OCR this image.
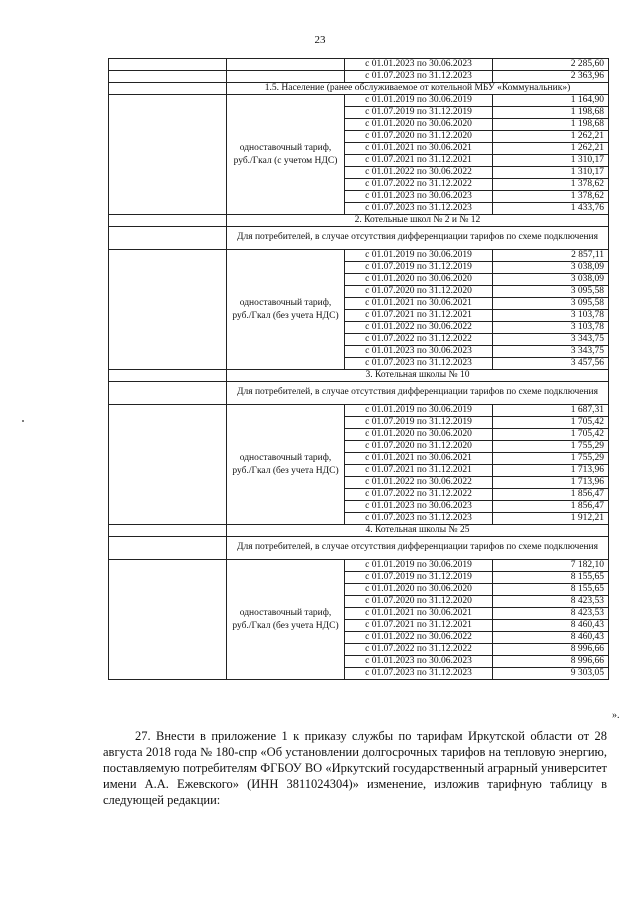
23
		с 01.01.2023 по 30.06.2023	2 285,60
		с 01.07.2023 по 31.12.2023	2 363,96
	1.5. Население (ранее обслуживаемое от котельной МБУ «Коммунальник»)		
	одноставочный тариф, руб./Гкал (с учетом НДС)	с 01.01.2019 по 30.06.2019	1 164,90
		с 01.07.2019 по 31.12.2019	1 198,68
		с 01.01.2020 по 30.06.2020	1 198,68
		с 01.07.2020 по 31.12.2020	1 262,21
		с 01.01.2021 по 30.06.2021	1 262,21
		с 01.07.2021 по 31.12.2021	1 310,17
		с 01.01.2022 по 30.06.2022	1 310,17
		с 01.07.2022 по 31.12.2022	1 378,62
		с 01.01.2023 по 30.06.2023	1 378,62
		с 01.07.2023 по 31.12.2023	1 433,76
	2. Котельные школ № 2 и № 12		
	Для потребителей, в случае отсутствия дифференциации тарифов по схеме подключения		
	одноставочный тариф, руб./Гкал (без учета НДС)	с 01.01.2019 по 30.06.2019	2 857,11
		с 01.07.2019 по 31.12.2019	3 038,09
		с 01.01.2020 по 30.06.2020	3 038,09
		с 01.07.2020 по 31.12.2020	3 095,58
		с 01.01.2021 по 30.06.2021	3 095,58
		с 01.07.2021 по 31.12.2021	3 103,78
		с 01.01.2022 по 30.06.2022	3 103,78
		с 01.07.2022 по 31.12.2022	3 343,75
		с 01.01.2023 по 30.06.2023	3 343,75
		с 01.07.2023 по 31.12.2023	3 457,56
	3. Котельная школы № 10		
	Для потребителей, в случае отсутствия дифференциации тарифов по схеме подключения		
	одноставочный тариф, руб./Гкал (без учета НДС)	с 01.01.2019 по 30.06.2019	1 687,31
		с 01.07.2019 по 31.12.2019	1 705,42
		с 01.01.2020 по 30.06.2020	1 705,42
		с 01.07.2020 по 31.12.2020	1 755,29
		с 01.01.2021 по 30.06.2021	1 755,29
		с 01.07.2021 по 31.12.2021	1 713,96
		с 01.01.2022 по 30.06.2022	1 713,96
		с 01.07.2022 по 31.12.2022	1 856,47
		с 01.01.2023 по 30.06.2023	1 856,47
		с 01.07.2023 по 31.12.2023	1 912,21
	4. Котельная школы № 25		
	Для потребителей, в случае отсутствия дифференциации тарифов по схеме подключения		
	одноставочный тариф, руб./Гкал (без учета НДС)	с 01.01.2019 по 30.06.2019	7 182,10
		с 01.07.2019 по 31.12.2019	8 155,65
		с 01.01.2020 по 30.06.2020	8 155,65
		с 01.07.2020 по 31.12.2020	8 423,53
		с 01.01.2021 по 30.06.2021	8 423,53
		с 01.07.2021 по 31.12.2021	8 460,43
		с 01.01.2022 по 30.06.2022	8 460,43
		с 01.07.2022 по 31.12.2022	8 996,66
		с 01.01.2023 по 30.06.2023	8 996,66
		с 01.07.2023 по 31.12.2023	9 303,05
».

27. Внести в приложение 1 к приказу службы по тарифам Иркутской области от 28 августа 2018 года № 180-спр «Об установлении долгосрочных тарифов на тепловую энергию, поставляемую потребителям ФГБОУ ВО «Иркутский государственный аграрный университет имени А.А. Ежевского» (ИНН 3811024304)» изменение, изложив тарифную таблицу в следующей редакции:
